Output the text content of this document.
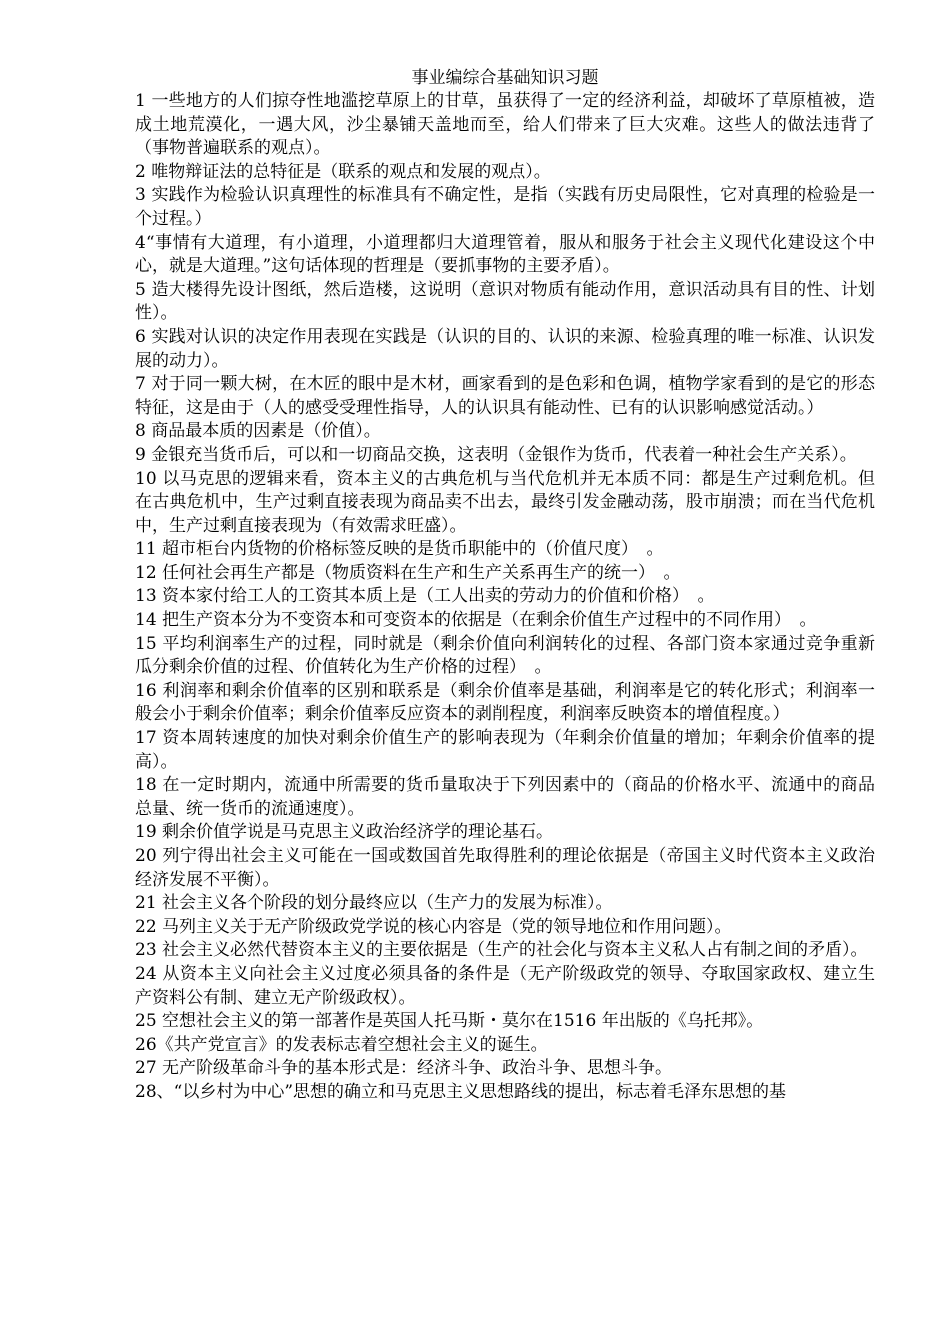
事业编综合基础知识习题

1 一些地方的人们掠夺性地滥挖草原上的甘草，虽获得了一定的经济利益，却破坏了草原植被，造成土地荒漠化，一遇大风，沙尘暴铺天盖地而至，给人们带来了巨大灾难。这些人的做法违背了（事物普遍联系的观点）。

2 唯物辩证法的总特征是（联系的观点和发展的观点）。

3 实践作为检验认识真理性的标准具有不确定性，是指（实践有历史局限性，它对真理的检验是一个过程。）

4“事情有大道理，有小道理，小道理都归大道理管着，服从和服务于社会主义现代化建设这个中心，就是大道理。”这句话体现的哲理是（要抓事物的主要矛盾）。

5 造大楼得先设计图纸，然后造楼，这说明（意识对物质有能动作用，意识活动具有目的性、计划性）。

6 实践对认识的决定作用表现在实践是（认识的目的、认识的来源、检验真理的唯一标准、认识发展的动力）。

7 对于同一颗大树，在木匠的眼中是木材，画家看到的是色彩和色调，植物学家看到的是它的形态特征，这是由于（人的感受受理性指导，人的认识具有能动性、已有的认识影响感觉活动。）

8 商品最本质的因素是（价值）。

9 金银充当货币后，可以和一切商品交换，这表明（金银作为货币，代表着一种社会生产关系）。

10 以马克思的逻辑来看，资本主义的古典危机与当代危机并无本质不同：都是生产过剩危机。但在古典危机中，生产过剩直接表现为商品卖不出去，最终引发金融动荡，股市崩溃；而在当代危机中，生产过剩直接表现为（有效需求旺盛）。

11 超市柜台内货物的价格标签反映的是货币职能中的（价值尺度）　。

12 任何社会再生产都是（物质资料在生产和生产关系再生产的统一）　。

13 资本家付给工人的工资其本质上是（工人出卖的劳动力的价值和价格）　。

14 把生产资本分为不变资本和可变资本的依据是（在剩余价值生产过程中的不同作用）　。

15 平均利润率生产的过程，同时就是（剩余价值向利润转化的过程、各部门资本家通过竞争重新瓜分剩余价值的过程、价值转化为生产价格的过程）　。

16 利润率和剩余价值率的区别和联系是（剩余价值率是基础，利润率是它的转化形式；利润率一般会小于剩余价值率；剩余价值率反应资本的剥削程度，利润率反映资本的增值程度。）

17 资本周转速度的加快对剩余价值生产的影响表现为（年剩余价值量的增加；年剩余价值率的提高）。

18 在一定时期内，流通中所需要的货币量取决于下列因素中的（商品的价格水平、流通中的商品总量、统一货币的流通速度）。

19 剩余价值学说是马克思主义政治经济学的理论基石。

20 列宁得出社会主义可能在一国或数国首先取得胜利的理论依据是（帝国主义时代资本主义政治经济发展不平衡）。

21 社会主义各个阶段的划分最终应以（生产力的发展为标准）。

22 马列主义关于无产阶级政党学说的核心内容是（党的领导地位和作用问题）。

23 社会主义必然代替资本主义的主要依据是（生产的社会化与资本主义私人占有制之间的矛盾）。

24 从资本主义向社会主义过度必须具备的条件是（无产阶级政党的领导、夺取国家政权、建立生产资料公有制、建立无产阶级政权）。

25 空想社会主义的第一部著作是英国人托马斯・莫尔在1516 年出版的《乌托邦》。

26《共产党宣言》的发表标志着空想社会主义的诞生。

27 无产阶级革命斗争的基本形式是：经济斗争、政治斗争、思想斗争。

28、“以乡村为中心”思想的确立和马克思主义思想路线的提出，标志着毛泽东思想的基
